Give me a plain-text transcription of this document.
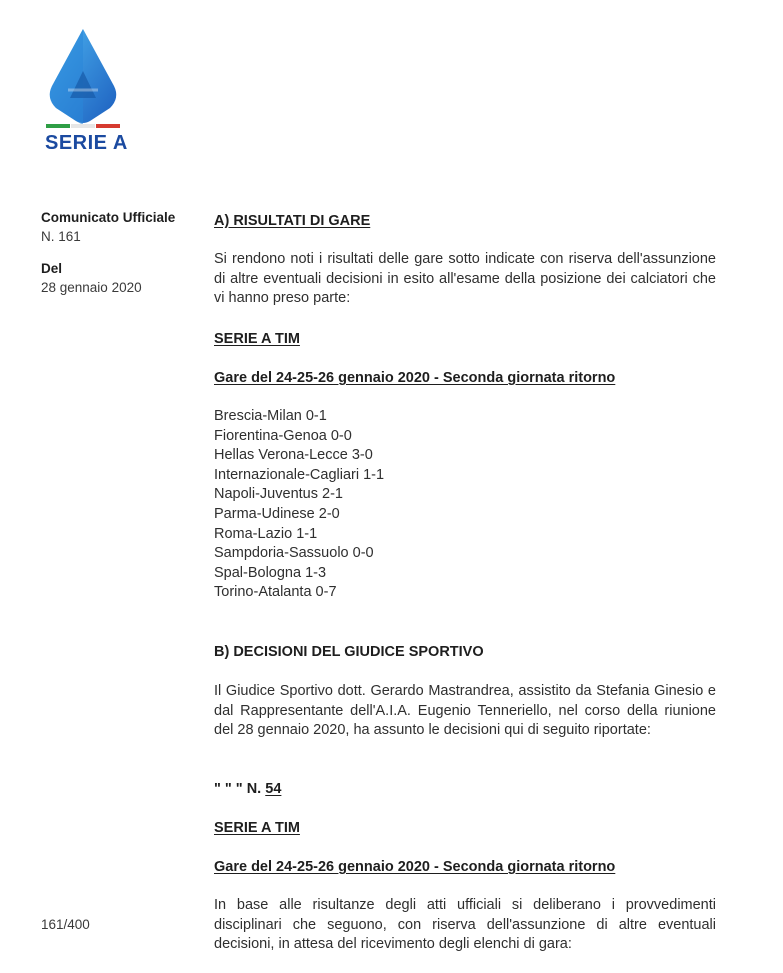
SERIE A
Comunicato Ufficiale
N. 161
Del
28 gennaio 2020
161/400
A) RISULTATI DI GARE
Si rendono noti i risultati delle gare sotto indicate con riserva dell'assunzione di altre eventuali decisioni in esito all'esame della posizione dei calciatori che vi hanno preso parte:
SERIE A TIM
Gare del 24-25-26 gennaio 2020 - Seconda giornata ritorno
Brescia-Milan 0-1
Fiorentina-Genoa 0-0
Hellas Verona-Lecce 3-0
Internazionale-Cagliari 1-1
Napoli-Juventus 2-1
Parma-Udinese 2-0
Roma-Lazio 1-1
Sampdoria-Sassuolo 0-0
Spal-Bologna 1-3
Torino-Atalanta 0-7
B) DECISIONI DEL GIUDICE SPORTIVO
Il Giudice Sportivo dott. Gerardo Mastrandrea, assistito da Stefania Ginesio e dal Rappresentante dell'A.I.A. Eugenio Tenneriello, nel corso della riunione del 28 gennaio 2020, ha assunto le decisioni qui di seguito riportate:
" " " N. 54
SERIE A TIM
Gare del 24-25-26 gennaio 2020 - Seconda giornata ritorno
In base alle risultanze degli atti ufficiali si deliberano i provvedimenti disciplinari che seguono, con riserva dell'assunzione di altre eventuali decisioni, in attesa del ricevimento degli elenchi di gara:
